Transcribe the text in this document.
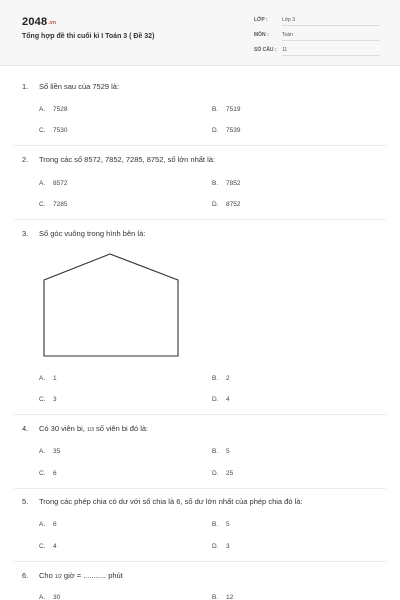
2048.vn
Tổng hợp đề thi cuối kì I Toán 3 ( Đề 32)
LỚP :	Lớp 3
MÔN :	Toán
SỐ CÂU : 11
1. Số liền sau của 7529 là:
A. 7528	B. 7519
C. 7530	D. 7539
2. Trong các số 8572, 7852, 7285, 8752, số lớn nhất là:
A. 8572	B. 7852
C. 7285	D. 8752
3. Số góc vuông trong hình bên là:
A. 1	B. 2
C. 3	D. 4
4. Có 30 viên bi, 1/3 số viên bi đó là:
A. 35	B. 5
C. 6	D. 25
5. Trong các phép chia có dư với số chia là 6, số dư lớn nhất của phép chia đó là:
A. 6	B. 5
C. 4	D. 3
6. Cho 1/2 giờ = ........... phút
A. 30	B. 12
